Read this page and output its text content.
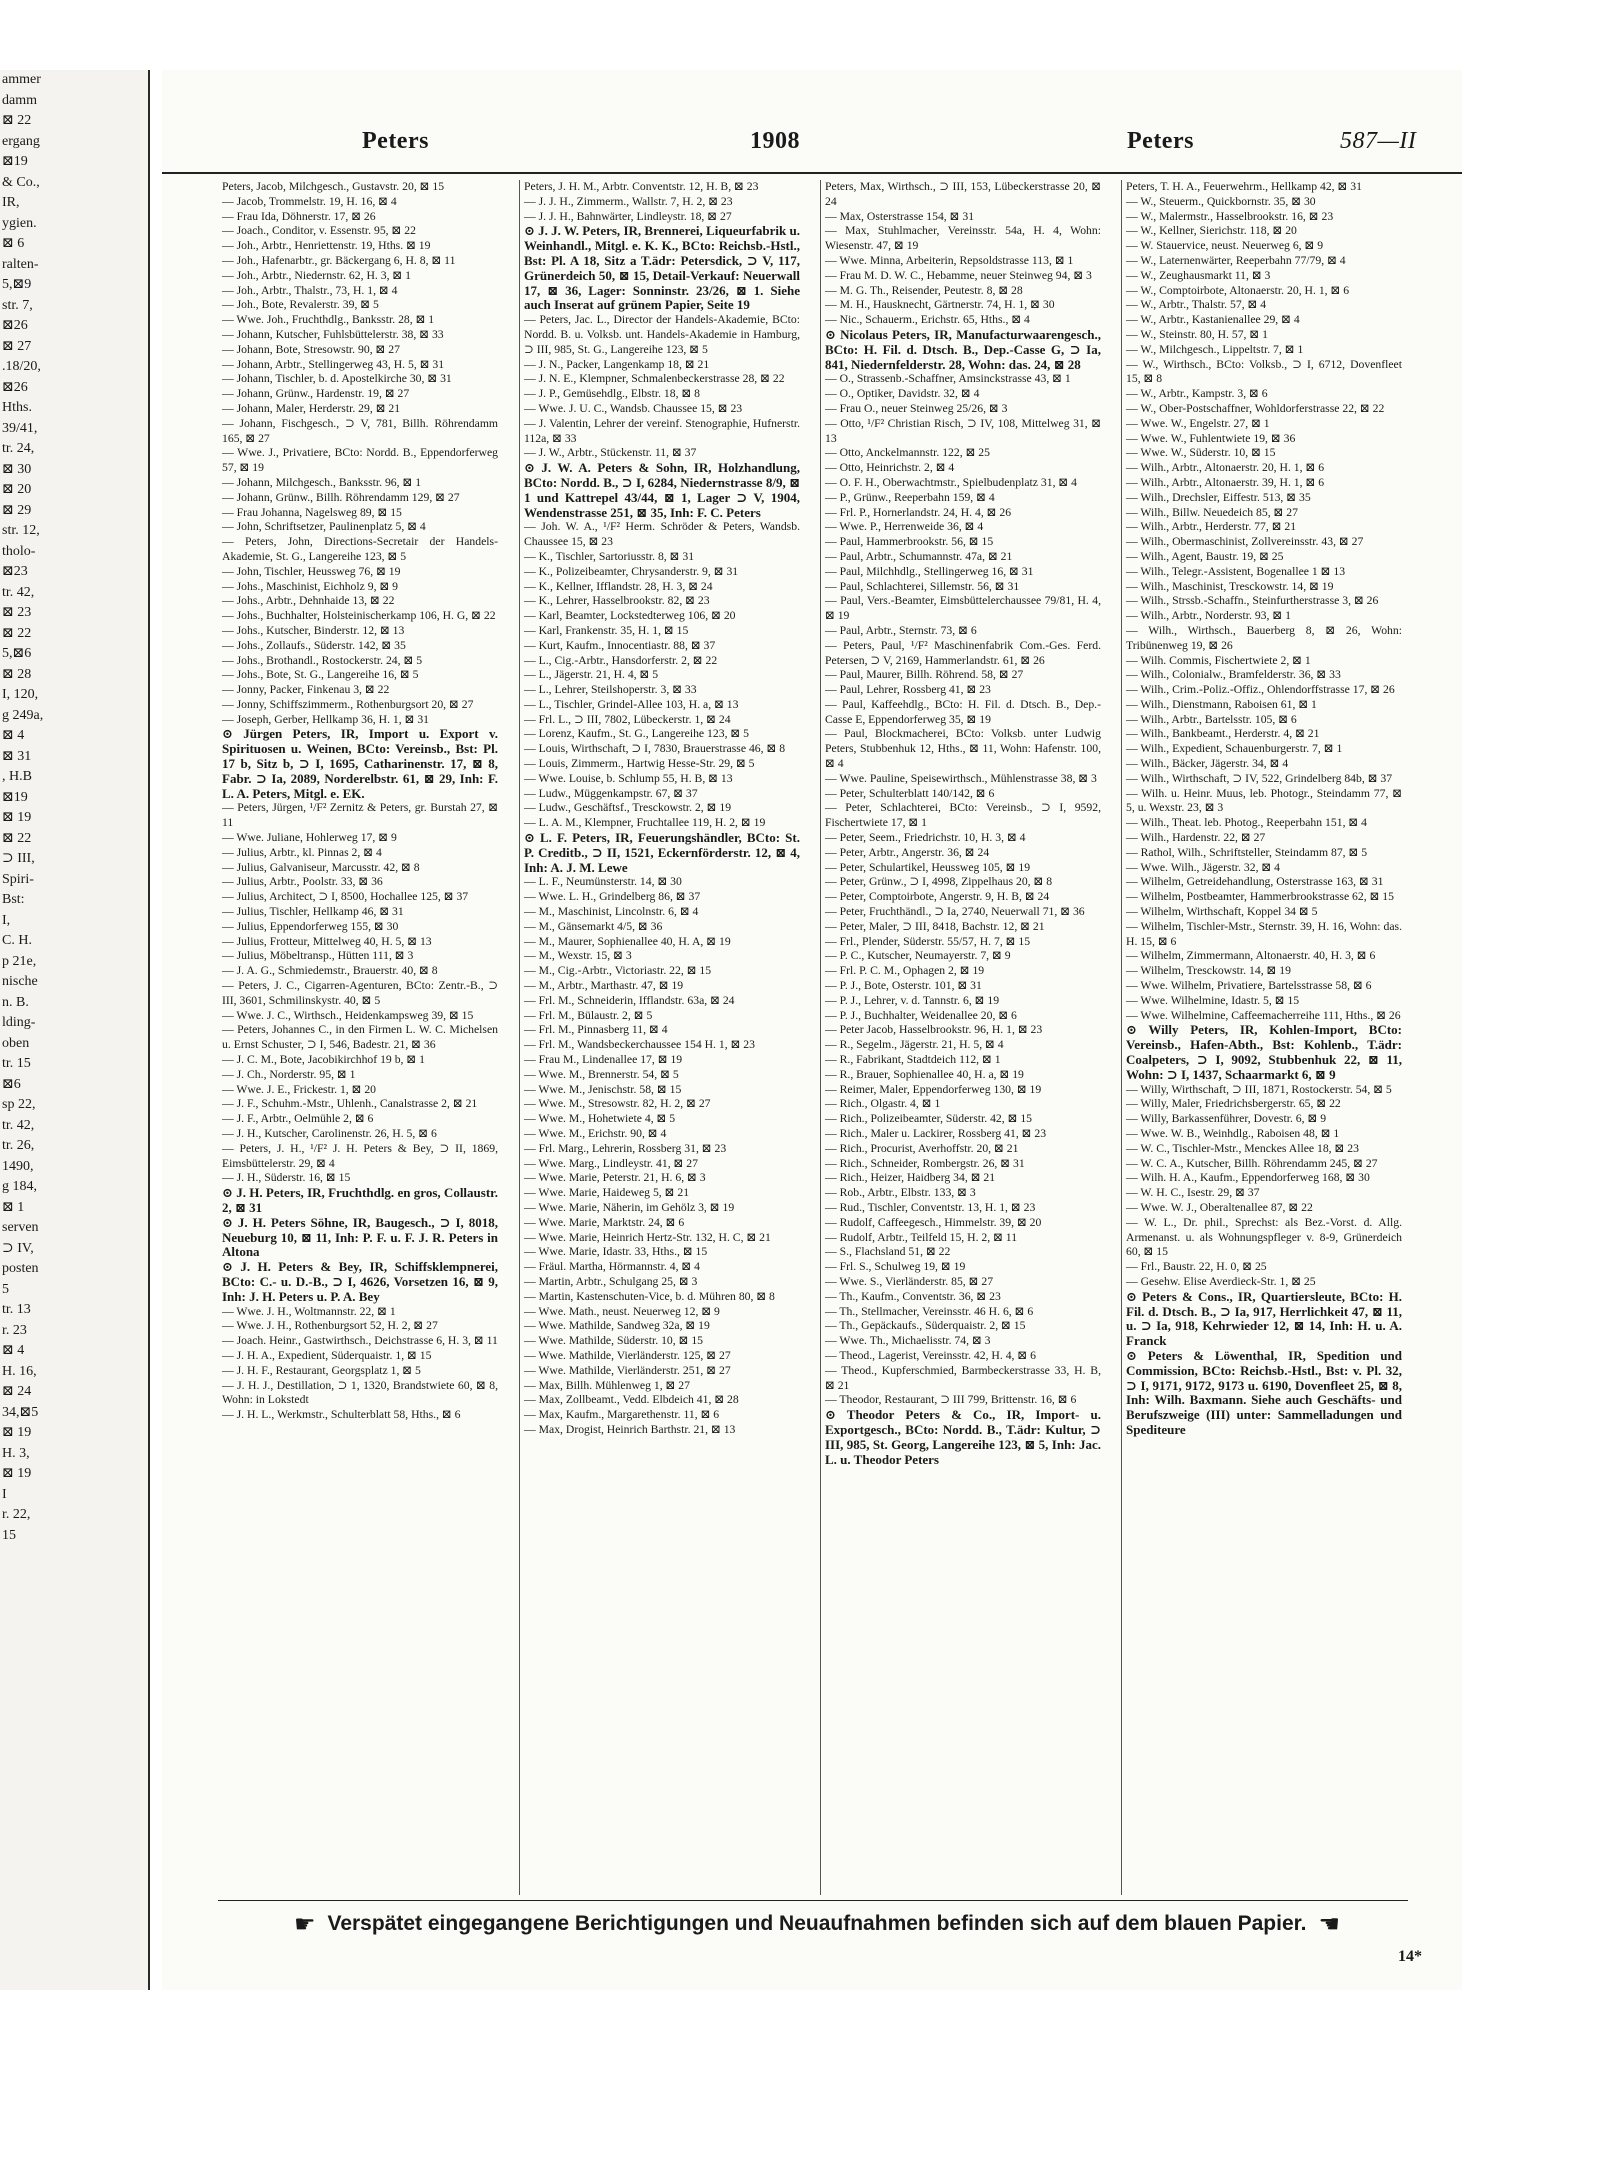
ammer
damm
⊠ 22
ergang
⊠19
& Co.,
IR,
ygien.
⊠ 6
ralten-
5,⊠9
str. 7,
⊠26
⊠ 27
.18/20,
⊠26
Hths.
39/41,
tr. 24,
⊠ 30
⊠ 20
⊠ 29
str. 12,
tholo-
⊠23
tr. 42,
⊠ 23
⊠ 22
5,⊠6
⊠ 28
I, 120,
g 249a,
⊠ 4
⊠ 31
, H.B
⊠19
⊠ 19
⊠ 22
⊃ III,
Spiri-
Bst:
I,
C. H.
p 21e,
nische
n. B.
lding-
oben
tr. 15
⊠6
sp 22,
tr. 42,
tr. 26,
1490,
g 184,
⊠ 1
serven
⊃ IV,
posten
5
tr. 13
r. 23
⊠ 4
H. 16,
⊠ 24
34,⊠5
⊠ 19
H. 3,
⊠ 19
I
r. 22,
15
Peters	1908	Peters	587—II
Peters, Jacob, Milchgesch., Gustavstr. 20, ⊠ 15
— Jacob, Trommelstr. 19, H. 16, ⊠ 4
— Frau Ida, Döhnerstr. 17, ⊠ 26
— Joach., Conditor, v. Essenstr. 95, ⊠ 22
— Joh., Arbtr., Henriettenstr. 19, Hths. ⊠ 19
— Joh., Hafenarbtr., gr. Bäckergang 6, H. 8, ⊠ 11
— Joh., Arbtr., Niedernstr. 62, H. 3, ⊠ 1
— Joh., Arbtr., Thalstr., 73, H. 1, ⊠ 4
— Joh., Bote, Revalerstr. 39, ⊠ 5
— Wwe. Joh., Fruchthdlg., Banksstr. 28, ⊠ 1
— Johann, Kutscher, Fuhlsbüttelerstr. 38, ⊠ 33
— Johann, Bote, Stresowstr. 90, ⊠ 27
— Johann, Arbtr., Stellingerweg 43, H. 5, ⊠ 31
— Johann, Tischler, b. d. Apostelkirche 30, ⊠ 31
— Johann, Grünw., Hardenstr. 19, ⊠ 27
— Johann, Maler, Herderstr. 29, ⊠ 21
— Johann, Fischgesch., ⊃ V, 781, Billh. Röhrendamm 165, ⊠ 27
— Wwe. J., Privatiere, BCto: Nordd. B., Eppendorferweg 57, ⊠ 19
— Johann, Milchgesch., Banksstr. 96, ⊠ 1
— Johann, Grünw., Billh. Röhrendamm 129, ⊠ 27
— Frau Johanna, Nagelsweg 89, ⊠ 15
— John, Schriftsetzer, Paulinenplatz 5, ⊠ 4
— Peters, John, Directions-Secretair der Handels-Akademie, St. G., Langereihe 123, ⊠ 5
— John, Tischler, Heussweg 76, ⊠ 19
— Johs., Maschinist, Eichholz 9, ⊠ 9
— Johs., Arbtr., Dehnhaide 13, ⊠ 22
— Johs., Buchhalter, Holsteinischerkamp 106, H. G, ⊠ 22
— Johs., Kutscher, Binderstr. 12, ⊠ 13
— Johs., Zollaufs., Süderstr. 142, ⊠ 35
— Johs., Brothandl., Rostockerstr. 24, ⊠ 5
— Johs., Bote, St. G., Langereihe 16, ⊠ 5
— Jonny, Packer, Finkenau 3, ⊠ 22
— Jonny, Schiffszimmerm., Rothenburgsort 20, ⊠ 27
— Joseph, Gerber, Hellkamp 36, H. 1, ⊠ 31
⊙ Jürgen Peters, IR, Import u. Export v. Spirituosen u. Weinen, BCto: Vereinsb., Bst: Pl. 17 b, Sitz b, ⊃ I, 1695, Catharinenstr. 17, ⊠ 8, Fabr. ⊃ Ia, 2089, Norderelbstr. 61, ⊠ 29, Inh: F. L. A. Peters, Mitgl. e. EK.
— Peters, Jürgen, ¹/F² Zernitz & Peters, gr. Burstah 27, ⊠ 11
— Wwe. Juliane, Hohlerweg 17, ⊠ 9
— Julius, Arbtr., kl. Pinnas 2, ⊠ 4
— Julius, Galvaniseur, Marcusstr. 42, ⊠ 8
— Julius, Arbtr., Poolstr. 33, ⊠ 36
— Julius, Architect, ⊃ I, 8500, Hochallee 125, ⊠ 37
— Julius, Tischler, Hellkamp 46, ⊠ 31
— Julius, Eppendorferweg 155, ⊠ 30
— Julius, Frotteur, Mittelweg 40, H. 5, ⊠ 13
— Julius, Möbeltransp., Hütten 111, ⊠ 3
— J. A. G., Schmiedemstr., Brauerstr. 40, ⊠ 8
— Peters, J. C., Cigarren-Agenturen, BCto: Zentr.-B., ⊃ III, 3601, Schmilinskystr. 40, ⊠ 5
— Wwe. J. C., Wirthsch., Heidenkampsweg 39, ⊠ 15
— Peters, Johannes C., in den Firmen L. W. C. Michelsen u. Ernst Schuster, ⊃ I, 546, Badestr. 21, ⊠ 36
— J. C. M., Bote, Jacobikirchhof 19 b, ⊠ 1
— J. Ch., Norderstr. 95, ⊠ 1
— Wwe. J. E., Frickestr. 1, ⊠ 20
— J. F., Schuhm.-Mstr., Uhlenh., Canalstrasse 2, ⊠ 21
— J. F., Arbtr., Oelmühle 2, ⊠ 6
— J. H., Kutscher, Carolinenstr. 26, H. 5, ⊠ 6
— Peters, J. H., ¹/F² J. H. Peters & Bey, ⊃ II, 1869, Eimsbüttelerstr. 29, ⊠ 4
— J. H., Süderstr. 16, ⊠ 15
⊙ J. H. Peters, IR, Fruchthdlg. en gros, Collaustr. 2, ⊠ 31
⊙ J. H. Peters Söhne, IR, Baugesch., ⊃ I, 8018, Neueburg 10, ⊠ 11, Inh: P. F. u. F. J. R. Peters in Altona
⊙ J. H. Peters & Bey, IR, Schiffsklempnerei, BCto: C.- u. D.-B., ⊃ I, 4626, Vorsetzen 16, ⊠ 9, Inh: J. H. Peters u. P. A. Bey
— Wwe. J. H., Woltmannstr. 22, ⊠ 1
— Wwe. J. H., Rothenburgsort 52, H. 2, ⊠ 27
— Joach. Heinr., Gastwirthsch., Deichstrasse 6, H. 3, ⊠ 11
— J. H. A., Expedient, Süderquaistr. 1, ⊠ 15
— J. H. F., Restaurant, Georgsplatz 1, ⊠ 5
— J. H. J., Destillation, ⊃ 1, 1320, Brandstwiete 60, ⊠ 8, Wohn: in Lokstedt
— J. H. L., Werkmstr., Schulterblatt 58, Hths., ⊠ 6
Peters, J. H. M., Arbtr. Conventstr. 12, H. B, ⊠ 23
— J. J. H., Zimmerm., Wallstr. 7, H. 2, ⊠ 23
— J. J. H., Bahnwärter, Lindleystr. 18, ⊠ 27
⊙ J. J. W. Peters, IR, Brennerei, Liqueurfabrik u. Weinhandl., Mitgl. e. K. K., BCto: Reichsb.-Hstl., Bst: Pl. A 18, Sitz a T.ädr: Petersdick, ⊃ V, 117, Grünerdeich 50, ⊠ 15, Detail-Verkauf: Neuerwall 17, ⊠ 36, Lager: Sonninstr. 23/26, ⊠ 1. Siehe auch Inserat auf grünem Papier, Seite 19
— Peters, Jac. L., Director der Handels-Akademie, BCto: Nordd. B. u. Volksb. unt. Handels-Akademie in Hamburg, ⊃ III, 985, St. G., Langereihe 123, ⊠ 5
— J. N., Packer, Langenkamp 18, ⊠ 21
— J. N. E., Klempner, Schmalenbeckerstrasse 28, ⊠ 22
— J. P., Gemüsehdlg., Elbstr. 18, ⊠ 8
— Wwe. J. U. C., Wandsb. Chaussee 15, ⊠ 23
— J. Valentin, Lehrer der vereinf. Stenographie, Hufnerstr. 112a, ⊠ 33
— J. W., Arbtr., Stückenstr. 11, ⊠ 37
⊙ J. W. A. Peters & Sohn, IR, Holzhandlung, BCto: Nordd. B., ⊃ I, 6284, Niedernstrasse 8/9, ⊠ 1 und Kattrepel 43/44, ⊠ 1, Lager ⊃ V, 1904, Wendenstrasse 251, ⊠ 35, Inh: F. C. Peters
— Joh. W. A., ¹/F² Herm. Schröder & Peters, Wandsb. Chaussee 15, ⊠ 23
— K., Tischler, Sartoriusstr. 8, ⊠ 31
— K., Polizeibeamter, Chrysanderstr. 9, ⊠ 31
— K., Kellner, Ifflandstr. 28, H. 3, ⊠ 24
— K., Lehrer, Hasselbrookstr. 82, ⊠ 23
— Karl, Beamter, Lockstedterweg 106, ⊠ 20
— Karl, Frankenstr. 35, H. 1, ⊠ 15
— Kurt, Kaufm., Innocentiastr. 88, ⊠ 37
— L., Cig.-Arbtr., Hansdorferstr. 2, ⊠ 22
— L., Jägerstr. 21, H. 4, ⊠ 5
— L., Lehrer, Steilshoperstr. 3, ⊠ 33
— L., Tischler, Grindel-Allee 103, H. a, ⊠ 13
— Frl. L., ⊃ III, 7802, Lübeckerstr. 1, ⊠ 24
— Lorenz, Kaufm., St. G., Langereihe 123, ⊠ 5
— Louis, Wirthschaft, ⊃ I, 7830, Brauerstrasse 46, ⊠ 8
— Louis, Zimmerm., Hartwig Hesse-Str. 29, ⊠ 5
— Wwe. Louise, b. Schlump 55, H. B, ⊠ 13
— Ludw., Müggenkampstr. 67, ⊠ 37
— Ludw., Geschäftsf., Tresckowstr. 2, ⊠ 19
— L. A. M., Klempner, Fruchtallee 119, H. 2, ⊠ 19
⊙ L. F. Peters, IR, Feuerungshändler, BCto: St. P. Creditb., ⊃ II, 1521, Eckernförderstr. 12, ⊠ 4, Inh: A. J. M. Lewe
— L. F., Neumünsterstr. 14, ⊠ 30
— Wwe. L. H., Grindelberg 86, ⊠ 37
— M., Maschinist, Lincolnstr. 6, ⊠ 4
— M., Gänsemarkt 4/5, ⊠ 36
— M., Maurer, Sophienallee 40, H. A, ⊠ 19
— M., Wexstr. 15, ⊠ 3
— M., Cig.-Arbtr., Victoriastr. 22, ⊠ 15
— M., Arbtr., Marthastr. 47, ⊠ 19
— Frl. M., Schneiderin, Ifflandstr. 63a, ⊠ 24
— Frl. M., Bülaustr. 2, ⊠ 5
— Frl. M., Pinnasberg 11, ⊠ 4
— Frl. M., Wandsbeckerchaussee 154 H. 1, ⊠ 23
— Frau M., Lindenallee 17, ⊠ 19
— Wwe. M., Brennerstr. 54, ⊠ 5
— Wwe. M., Jenischstr. 58, ⊠ 15
— Wwe. M., Stresowstr. 82, H. 2, ⊠ 27
— Wwe. M., Hohetwiete 4, ⊠ 5
— Wwe. M., Erichstr. 90, ⊠ 4
— Frl. Marg., Lehrerin, Rossberg 31, ⊠ 23
— Wwe. Marg., Lindleystr. 41, ⊠ 27
— Wwe. Marie, Peterstr. 21, H. 6, ⊠ 3
— Wwe. Marie, Haideweg 5, ⊠ 21
— Wwe. Marie, Näherin, im Gehölz 3, ⊠ 19
— Wwe. Marie, Marktstr. 24, ⊠ 6
— Wwe. Marie, Heinrich Hertz-Str. 132, H. C, ⊠ 21
— Wwe. Marie, Idastr. 33, Hths., ⊠ 15
— Fräul. Martha, Hörmannstr. 4, ⊠ 4
— Martin, Arbtr., Schulgang 25, ⊠ 3
— Martin, Kastenschuten-Vice, b. d. Mühren 80, ⊠ 8
— Wwe. Math., neust. Neuerweg 12, ⊠ 9
— Wwe. Mathilde, Sandweg 32a, ⊠ 19
— Wwe. Mathilde, Süderstr. 10, ⊠ 15
— Wwe. Mathilde, Vierländerstr. 125, ⊠ 27
— Wwe. Mathilde, Vierländerstr. 251, ⊠ 27
— Max, Billh. Mühlenweg 1, ⊠ 27
— Max, Zollbeamt., Vedd. Elbdeich 41, ⊠ 28
— Max, Kaufm., Margarethenstr. 11, ⊠ 6
— Max, Drogist, Heinrich Barthstr. 21, ⊠ 13
Peters, Max, Wirthsch., ⊃ III, 153, Lübeckerstrasse 20, ⊠ 24
— Max, Osterstrasse 154, ⊠ 31
— Max, Stuhlmacher, Vereinsstr. 54a, H. 4, Wohn: Wiesenstr. 47, ⊠ 19
— Wwe. Minna, Arbeiterin, Repsoldstrasse 113, ⊠ 1
— Frau M. D. W. C., Hebamme, neuer Steinweg 94, ⊠ 3
— M. G. Th., Reisender, Peutestr. 8, ⊠ 28
— M. H., Hausknecht, Gärtnerstr. 74, H. 1, ⊠ 30
— Nic., Schauerm., Erichstr. 65, Hths., ⊠ 4
⊙ Nicolaus Peters, IR, Manufacturwaarengesch., BCto: H. Fil. d. Dtsch. B., Dep.-Casse G, ⊃ Ia, 841, Niedernfelderstr. 28, Wohn: das. 24, ⊠ 28
— O., Strassenb.-Schaffner, Amsinckstrasse 43, ⊠ 1
— O., Optiker, Davidstr. 32, ⊠ 4
— Frau O., neuer Steinweg 25/26, ⊠ 3
— Otto, ¹/F² Christian Risch, ⊃ IV, 108, Mittelweg 31, ⊠ 13
— Otto, Anckelmannstr. 122, ⊠ 25
— Otto, Heinrichstr. 2, ⊠ 4
— O. F. H., Oberwachtmstr., Spielbudenplatz 31, ⊠ 4
— P., Grünw., Reeperbahn 159, ⊠ 4
— Frl. P., Hornerlandstr. 24, H. 4, ⊠ 26
— Wwe. P., Herrenweide 36, ⊠ 4
— Paul, Hammerbrookstr. 56, ⊠ 15
— Paul, Arbtr., Schumannstr. 47a, ⊠ 21
— Paul, Milchhdlg., Stellingerweg 16, ⊠ 31
— Paul, Schlachterei, Sillemstr. 56, ⊠ 31
— Paul, Vers.-Beamter, Eimsbüttelerchaussee 79/81, H. 4, ⊠ 19
— Paul, Arbtr., Sternstr. 73, ⊠ 6
— Peters, Paul, ¹/F² Maschinenfabrik Com.-Ges. Ferd. Petersen, ⊃ V, 2169, Hammerlandstr. 61, ⊠ 26
— Paul, Maurer, Billh. Röhrend. 58, ⊠ 27
— Paul, Lehrer, Rossberg 41, ⊠ 23
— Paul, Kaffeehdlg., BCto: H. Fil. d. Dtsch. B., Dep.-Casse E, Eppendorferweg 35, ⊠ 19
— Paul, Blockmacherei, BCto: Volksb. unter Ludwig Peters, Stubbenhuk 12, Hths., ⊠ 11, Wohn: Hafenstr. 100, ⊠ 4
— Wwe. Pauline, Speisewirthsch., Mühlenstrasse 38, ⊠ 3
— Peter, Schulterblatt 140/142, ⊠ 6
— Peter, Schlachterei, BCto: Vereinsb., ⊃ I, 9592, Fischertwiete 17, ⊠ 1
— Peter, Seem., Friedrichstr. 10, H. 3, ⊠ 4
— Peter, Arbtr., Angerstr. 36, ⊠ 24
— Peter, Schulartikel, Heussweg 105, ⊠ 19
— Peter, Grünw., ⊃ I, 4998, Zippelhaus 20, ⊠ 8
— Peter, Comptoirbote, Angerstr. 9, H. B, ⊠ 24
— Peter, Fruchthändl., ⊃ Ia, 2740, Neuerwall 71, ⊠ 36
— Peter, Maler, ⊃ III, 8418, Bachstr. 12, ⊠ 21
— Frl., Plender, Süderstr. 55/57, H. 7, ⊠ 15
— P. C., Kutscher, Neumayerstr. 7, ⊠ 9
— Frl. P. C. M., Ophagen 2, ⊠ 19
— P. J., Bote, Osterstr. 101, ⊠ 31
— P. J., Lehrer, v. d. Tannstr. 6, ⊠ 19
— P. J., Buchhalter, Weidenallee 20, ⊠ 6
— Peter Jacob, Hasselbrookstr. 96, H. 1, ⊠ 23
— R., Segelm., Jägerstr. 21, H. 5, ⊠ 4
— R., Fabrikant, Stadtdeich 112, ⊠ 1
— R., Brauer, Sophienallee 40, H. a, ⊠ 19
— Reimer, Maler, Eppendorferweg 130, ⊠ 19
— Rich., Olgastr. 4, ⊠ 1
— Rich., Polizeibeamter, Süderstr. 42, ⊠ 15
— Rich., Maler u. Lackirer, Rossberg 41, ⊠ 23
— Rich., Procurist, Averhoffstr. 20, ⊠ 21
— Rich., Schneider, Rombergstr. 26, ⊠ 31
— Rich., Heizer, Haidberg 34, ⊠ 21
— Rob., Arbtr., Elbstr. 133, ⊠ 3
— Rud., Tischler, Conventstr. 13, H. 1, ⊠ 23
— Rudolf, Caffeegesch., Himmelstr. 39, ⊠ 20
— Rudolf, Arbtr., Teilfeld 15, H. 2, ⊠ 11
— S., Flachsland 51, ⊠ 22
— Frl. S., Schulweg 19, ⊠ 19
— Wwe. S., Vierländerstr. 85, ⊠ 27
— Th., Kaufm., Conventstr. 36, ⊠ 23
— Th., Stellmacher, Vereinsstr. 46 H. 6, ⊠ 6
— Th., Gepäckaufs., Süderquaistr. 2, ⊠ 15
— Wwe. Th., Michaelisstr. 74, ⊠ 3
— Theod., Lagerist, Vereinsstr. 42, H. 4, ⊠ 6
— Theod., Kupferschmied, Barmbeckerstrasse 33, H. B, ⊠ 21
— Theodor, Restaurant, ⊃ III 799, Brittenstr. 16, ⊠ 6
⊙ Theodor Peters & Co., IR, Import- u. Exportgesch., BCto: Nordd. B., T.ädr: Kultur, ⊃ III, 985, St. Georg, Langereihe 123, ⊠ 5, Inh: Jac. L. u. Theodor Peters
Peters, T. H. A., Feuerwehrm., Hellkamp 42, ⊠ 31
— W., Steuerm., Quickbornstr. 35, ⊠ 30
— W., Malermstr., Hasselbrookstr. 16, ⊠ 23
— W., Kellner, Sierichstr. 118, ⊠ 20
— W. Stauervice, neust. Neuerweg 6, ⊠ 9
— W., Laternenwärter, Reeperbahn 77/79, ⊠ 4
— W., Zeughausmarkt 11, ⊠ 3
— W., Comptoirbote, Altonaerstr. 20, H. 1, ⊠ 6
— W., Arbtr., Thalstr. 57, ⊠ 4
— W., Arbtr., Kastanienallee 29, ⊠ 4
— W., Steinstr. 80, H. 57, ⊠ 1
— W., Milchgesch., Lippeltstr. 7, ⊠ 1
— W., Wirthsch., BCto: Volksb., ⊃ I, 6712, Dovenfleet 15, ⊠ 8
— W., Arbtr., Kampstr. 3, ⊠ 6
— W., Ober-Postschaffner, Wohldorferstrasse 22, ⊠ 22
— Wwe. W., Engelstr. 27, ⊠ 1
— Wwe. W., Fuhlentwiete 19, ⊠ 36
— Wwe. W., Süderstr. 10, ⊠ 15
— Wilh., Arbtr., Altonaerstr. 20, H. 1, ⊠ 6
— Wilh., Arbtr., Altonaerstr. 39, H. 1, ⊠ 6
— Wilh., Drechsler, Eiffestr. 513, ⊠ 35
— Wilh., Billw. Neuedeich 85, ⊠ 27
— Wilh., Arbtr., Herderstr. 77, ⊠ 21
— Wilh., Obermaschinist, Zollvereinsstr. 43, ⊠ 27
— Wilh., Agent, Baustr. 19, ⊠ 25
— Wilh., Telegr.-Assistent, Bogenallee 1 ⊠ 13
— Wilh., Maschinist, Tresckowstr. 14, ⊠ 19
— Wilh., Strssb.-Schaffn., Steinfurtherstrasse 3, ⊠ 26
— Wilh., Arbtr., Norderstr. 93, ⊠ 1
— Wilh., Wirthsch., Bauerberg 8, ⊠ 26, Wohn: Tribünenweg 19, ⊠ 26
— Wilh. Commis, Fischertwiete 2, ⊠ 1
— Wilh., Colonialw., Bramfelderstr. 36, ⊠ 33
— Wilh., Crim.-Poliz.-Offiz., Ohlendorffstrasse 17, ⊠ 26
— Wilh., Dienstmann, Raboisen 61, ⊠ 1
— Wilh., Arbtr., Bartelsstr. 105, ⊠ 6
— Wilh., Bankbeamt., Herderstr. 4, ⊠ 21
— Wilh., Expedient, Schauenburgerstr. 7, ⊠ 1
— Wilh., Bäcker, Jägerstr. 34, ⊠ 4
— Wilh., Wirthschaft, ⊃ IV, 522, Grindelberg 84b, ⊠ 37
— Wilh. u. Heinr. Muus, leb. Photogr., Steindamm 77, ⊠ 5, u. Wexstr. 23, ⊠ 3
— Wilh., Theat. leb. Photog., Reeperbahn 151, ⊠ 4
— Wilh., Hardenstr. 22, ⊠ 27
— Rathol, Wilh., Schriftsteller, Steindamm 87, ⊠ 5
— Wwe. Wilh., Jägerstr. 32, ⊠ 4
— Wilhelm, Getreidehandlung, Osterstrasse 163, ⊠ 31
— Wilhelm, Postbeamter, Hammerbrookstrasse 62, ⊠ 15
— Wilhelm, Wirthschaft, Koppel 34 ⊠ 5
— Wilhelm, Tischler-Mstr., Sternstr. 39, H. 16, Wohn: das. H. 15, ⊠ 6
— Wilhelm, Zimmermann, Altonaerstr. 40, H. 3, ⊠ 6
— Wilhelm, Tresckowstr. 14, ⊠ 19
— Wwe. Wilhelm, Privatiere, Bartelsstrasse 58, ⊠ 6
— Wwe. Wilhelmine, Idastr. 5, ⊠ 15
— Wwe. Wilhelmine, Caffeemacherreihe 111, Hths., ⊠ 26
⊙ Willy Peters, IR, Kohlen-Import, BCto: Vereinsb., Hafen-Abth., Bst: Kohlenb., T.ädr: Coalpeters, ⊃ I, 9092, Stubbenhuk 22, ⊠ 11, Wohn: ⊃ I, 1437, Schaarmarkt 6, ⊠ 9
— Willy, Wirthschaft, ⊃ III, 1871, Rostockerstr. 54, ⊠ 5
— Willy, Maler, Friedrichsbergerstr. 65, ⊠ 22
— Willy, Barkassenführer, Dovestr. 6, ⊠ 9
— Wwe. W. B., Weinhdlg., Raboisen 48, ⊠ 1
— W. C., Tischler-Mstr., Menckes Allee 18, ⊠ 23
— W. C. A., Kutscher, Billh. Röhrendamm 245, ⊠ 27
— Wilh. H. A., Kaufm., Eppendorferweg 168, ⊠ 30
— W. H. C., Isestr. 29, ⊠ 37
— Wwe. W. J., Oberaltenallee 87, ⊠ 22
— W. L., Dr. phil., Sprechst: als Bez.-Vorst. d. Allg. Armenanst. u. als Wohnungspfleger v. 8-9, Grünerdeich 60, ⊠ 15
— Frl., Baustr. 22, H. 0, ⊠ 25
— Gesehw. Elise Averdieck-Str. 1, ⊠ 25
⊙ Peters & Cons., IR, Quartiersleute, BCto: H. Fil. d. Dtsch. B., ⊃ Ia, 917, Herrlichkeit 47, ⊠ 11, u. ⊃ Ia, 918, Kehrwieder 12, ⊠ 14, Inh: H. u. A. Franck
⊙ Peters & Löwenthal, IR, Spedition und Commission, BCto: Reichsb.-Hstl., Bst: v. Pl. 32, ⊃ I, 9171, 9172, 9173 u. 6190, Dovenfleet 25, ⊠ 8, Inh: Wilh. Baxmann. Siehe auch Geschäfts- und Berufszweige (III) unter: Sammelladungen und Spediteure
☛ Verspätet eingegangene Berichtigungen und Neuaufnahmen befinden sich auf dem blauen Papier. ☚
14*
